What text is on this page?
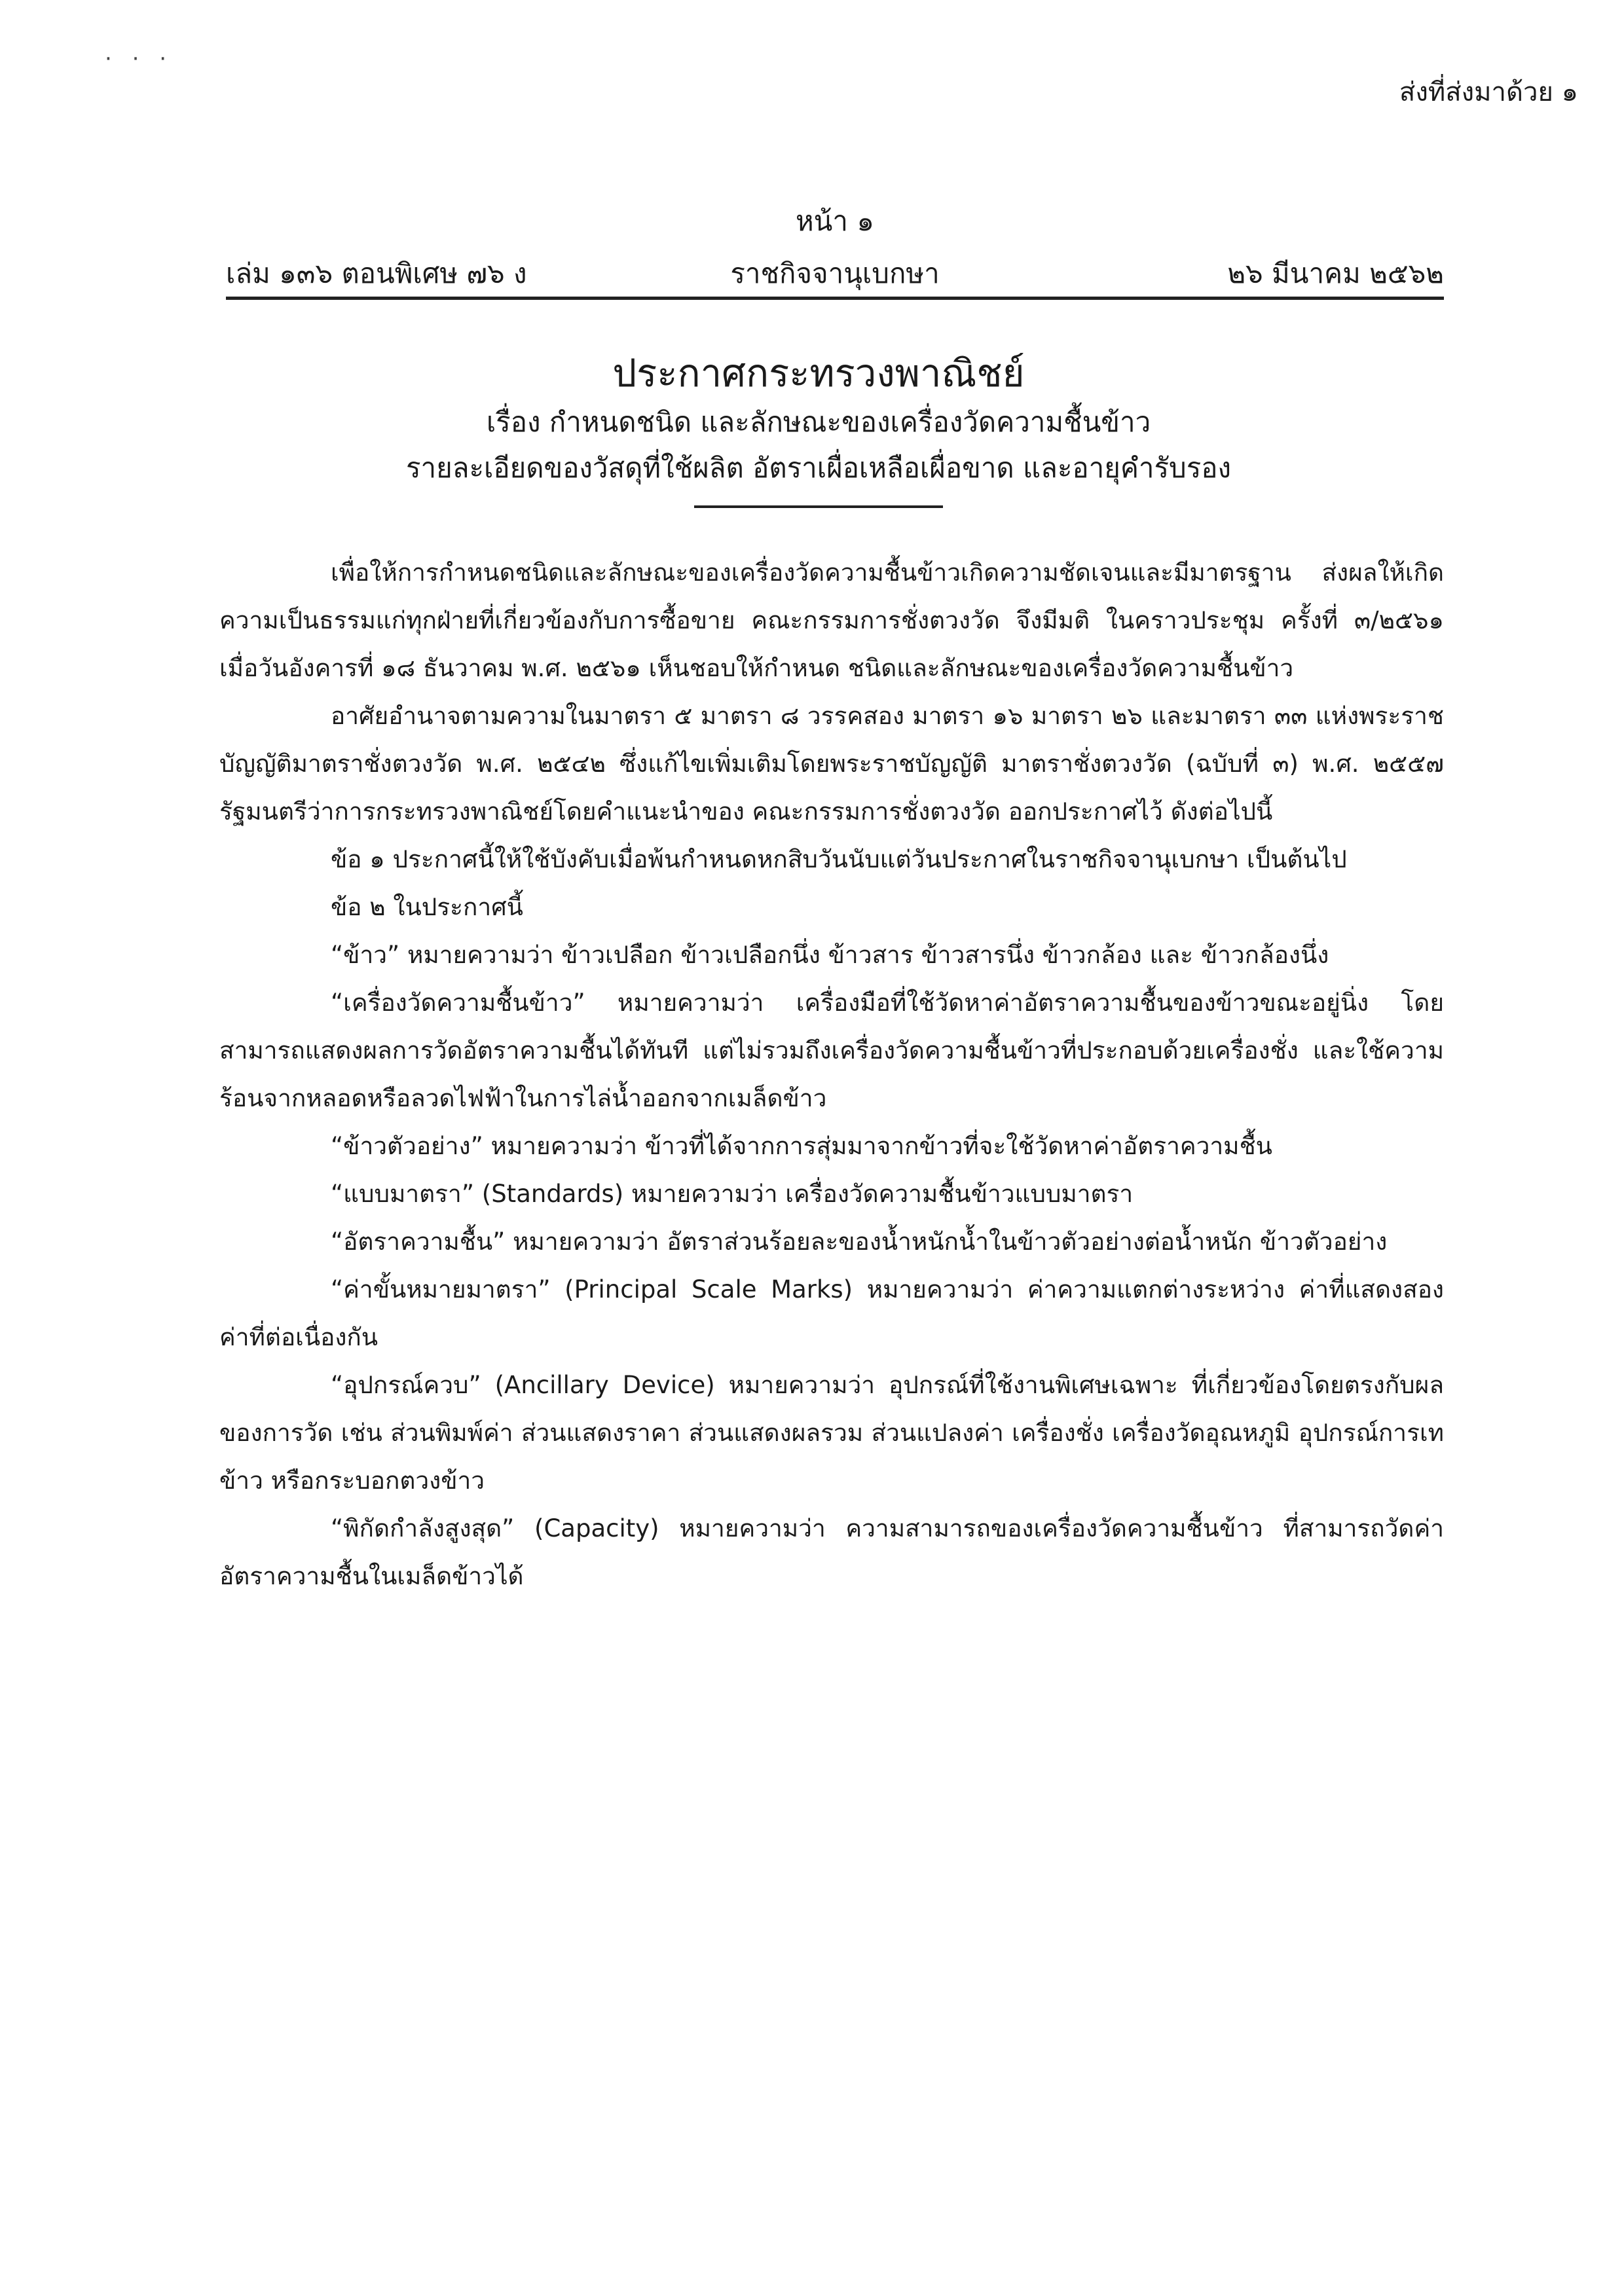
· · ·
ส่งที่ส่งมาด้วย ๑
หน้า ๑
เล่ม ๑๓๖ ตอนพิเศษ ๗๖ ง	ราชกิจจานุเบกษา	๒๖ มีนาคม ๒๕๖๒
ประกาศกระทรวงพาณิชย์
เรื่อง กำหนดชนิด และลักษณะของเครื่องวัดความชื้นข้าว
รายละเอียดของวัสดุที่ใช้ผลิต อัตราเผื่อเหลือเผื่อขาด และอายุคำรับรอง

เพื่อให้การกำหนดชนิดและลักษณะของเครื่องวัดความชื้นข้าวเกิดความชัดเจนและมีมาตรฐาน ส่งผลให้เกิดความเป็นธรรมแก่ทุกฝ่ายที่เกี่ยวข้องกับการซื้อขาย คณะกรรมการชั่งตวงวัด จึงมีมติ ในคราวประชุม ครั้งที่ ๓/๒๕๖๑ เมื่อวันอังคารที่ ๑๘ ธันวาคม พ.ศ. ๒๕๖๑ เห็นชอบให้กำหนด ชนิดและลักษณะของเครื่องวัดความชื้นข้าว

อาศัยอำนาจตามความในมาตรา ๕ มาตรา ๘ วรรคสอง มาตรา ๑๖ มาตรา ๒๖ และมาตรา ๓๓ แห่งพระราชบัญญัติมาตราชั่งตวงวัด พ.ศ. ๒๕๔๒ ซึ่งแก้ไขเพิ่มเติมโดยพระราชบัญญัติ มาตราชั่งตวงวัด (ฉบับที่ ๓) พ.ศ. ๒๕๕๗ รัฐมนตรีว่าการกระทรวงพาณิชย์โดยคำแนะนำของ คณะกรรมการชั่งตวงวัด ออกประกาศไว้ ดังต่อไปนี้

ข้อ ๑ ประกาศนี้ให้ใช้บังคับเมื่อพ้นกำหนดหกสิบวันนับแต่วันประกาศในราชกิจจานุเบกษา เป็นต้นไป

ข้อ ๒ ในประกาศนี้

“ข้าว” หมายความว่า ข้าวเปลือก ข้าวเปลือกนึ่ง ข้าวสาร ข้าวสารนึ่ง ข้าวกล้อง และ ข้าวกล้องนึ่ง

“เครื่องวัดความชื้นข้าว” หมายความว่า เครื่องมือที่ใช้วัดหาค่าอัตราความชื้นของข้าวขณะอยู่นิ่ง โดยสามารถแสดงผลการวัดอัตราความชื้นได้ทันที แต่ไม่รวมถึงเครื่องวัดความชื้นข้าวที่ประกอบด้วยเครื่องชั่ง และใช้ความร้อนจากหลอดหรือลวดไฟฟ้าในการไล่น้ำออกจากเมล็ดข้าว

“ข้าวตัวอย่าง” หมายความว่า ข้าวที่ได้จากการสุ่มมาจากข้าวที่จะใช้วัดหาค่าอัตราความชื้น

“แบบมาตรา” (Standards) หมายความว่า เครื่องวัดความชื้นข้าวแบบมาตรา

“อัตราความชื้น” หมายความว่า อัตราส่วนร้อยละของน้ำหนักน้ำในข้าวตัวอย่างต่อน้ำหนัก ข้าวตัวอย่าง

“ค่าขั้นหมายมาตรา” (Principal Scale Marks) หมายความว่า ค่าความแตกต่างระหว่าง ค่าที่แสดงสองค่าที่ต่อเนื่องกัน

“อุปกรณ์ควบ” (Ancillary Device) หมายความว่า อุปกรณ์ที่ใช้งานพิเศษเฉพาะ ที่เกี่ยวข้องโดยตรงกับผลของการวัด เช่น ส่วนพิมพ์ค่า ส่วนแสดงราคา ส่วนแสดงผลรวม ส่วนแปลงค่า เครื่องชั่ง เครื่องวัดอุณหภูมิ อุปกรณ์การเทข้าว หรือกระบอกตวงข้าว

“พิกัดกำลังสูงสุด” (Capacity) หมายความว่า ความสามารถของเครื่องวัดความชื้นข้าว ที่สามารถวัดค่าอัตราความชื้นในเมล็ดข้าวได้
